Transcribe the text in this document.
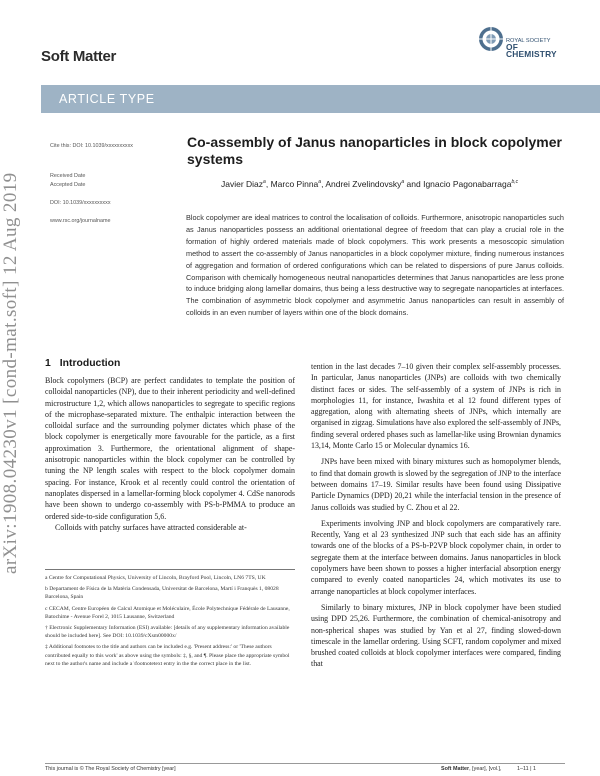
Soft Matter
ROYAL SOCIETY
OF CHEMISTRY
ARTICLE TYPE
Cite this: DOI: 10.1039/xxxxxxxxxx
Received Date
Accepted Date
DOI: 10.1039/xxxxxxxxxx
www.rsc.org/journalname
arXiv:1908.04230v1 [cond-mat.soft] 12 Aug 2019
Co-assembly of Janus nanoparticles in block copolymer systems
Javier Diaz$^a$, Marco Pinna$^a$, Andrei Zvelindovsky$^a$ and Ignacio Pagonabarraga$^{b,c}$

Block copolymer are ideal matrices to control the localisation of colloids. Furthermore, anisotropic nanoparticles such as Janus nanoparticles possess an additional orientational degree of freedom that can play a crucial role in the formation of highly ordered materials made of block copolymers. This work presents a mesoscopic simulation method to assert the co-assembly of Janus nanoparticles in a block copolymer mixture, finding numerous instances of aggregation and formation of ordered configurations which can be related to dispersions of pure Janus colloids. Comparison with chemically homogeneous neutral nanoparticles determines that Janus nanoparticles are less prone to induce bridging along lamellar domains, thus being a less destructive way to segregate nanoparticles at interfaces. The combination of asymmetric block copolymer and asymmetric Janus nanoparticles can result in assembly of colloids in an even number of layers within one of the block domains.

1 Introduction

Block copolymers (BCP) are perfect candidates to template the position of colloidal nanoparticles (NP), due to their inherent periodicity and well-defined microstructure 1,2, which allows nanoparticles to segregate to specific regions of the microphase-separated mixture. The enthalpic interaction between the colloidal surface and the surrounding polymer dictates which phase of the block copolymer is energetically more favourable for the particle, as a first approximation 3. Furthermore, the orientational alignment of shape-anisotropic nanoparticles within the block copolymer can be controlled by tuning the NP length scales with respect to the block copolymer domain spacing. For instance, Krook et al recently could control the orientation of nanoplates dispersed in a lamellar-forming block copolymer 4. CdSe nanorods have been shown to undergo co-assembly with PS-b-PMMA to produce an ordered side-to-side configuration 5,6.

Colloids with patchy surfaces have attracted considerable at-

tention in the last decades 7–10 given their complex self-assembly processes. In particular, Janus nanoparticles (JNPs) are colloids with two chemically distinct faces or sides. The self-assembly of a system of JNPs is rich in morphologies 11, for instance, Iwashita et al 12 found different types of aggregation, along with alternating sheets of JNPs, which internally are organised in zigzag. Simulations have also explored the self-assembly of JNPs, finding several ordered phases such as lamellar-like using Brownian dynamics 13,14, Monte Carlo 15 or Molecular dynamics 16.

JNPs have been mixed with binary mixtures such as homopolymer blends, to find that domain growth is slowed by the segregation of JNP to the interface between domains 17–19. Similar results have been found using Dissipative Particle Dynamics (DPD) 20,21 while the interfacial tension in the presence of Janus colloids was studied by C. Zhou et al 22.

Experiments involving JNP and block copolymers are comparatively rare. Recently, Yang et al 23 synthesized JNP such that each side has an affinity towards one of the blocks of a PS-b-P2VP block copolymer chain, in order to segregate them at the interface between domains. Janus nanoparticles in block copolymers have been shown to posses a higher interfacial absorption energy compared to evenly coated nanoparticles 24, which motivates its use to arrange nanoparticles at block copolymer interfaces.

Similarly to binary mixtures, JNP in block copolymer have been studied using DPD 25,26. Furthermore, the combination of chemical-anisotropy and non-spherical shapes was studied by Yan et al 27, finding slowed-down timescale in the lamellar ordering. Using SCFT, random copolymer and mixed brushed coated colloids at block copolymer interfaces were compared, finding that

a Centre for Computational Physics, University of Lincoln, Brayford Pool, Lincoln, LN6 7TS, UK

b Departament de Física de la Matèria Condensada, Universitat de Barcelona, Martí i Franquès 1, 08028 Barcelona, Spain

c CECAM, Centre Européen de Calcul Atomique et Moléculaire, École Polytechnique Fédérale de Lausanne, Batochime - Avenue Forel 2, 1015 Lausanne, Switzerland

† Electronic Supplementary Information (ESI) available: [details of any supplementary information available should be included here]. See DOI: 10.1039/cXsm00000x/

‡ Additional footnotes to the title and authors can be included e.g. 'Present address:' or 'These authors contributed equally to this work' as above using the symbols: ‡, §, and ¶. Please place the appropriate symbol next to the author's name and include a \footnotetext entry in the the correct place in the list.

This journal is © The Royal Society of Chemistry [year]	Soft Matter, [year], [vol.],	1–11 | 1
